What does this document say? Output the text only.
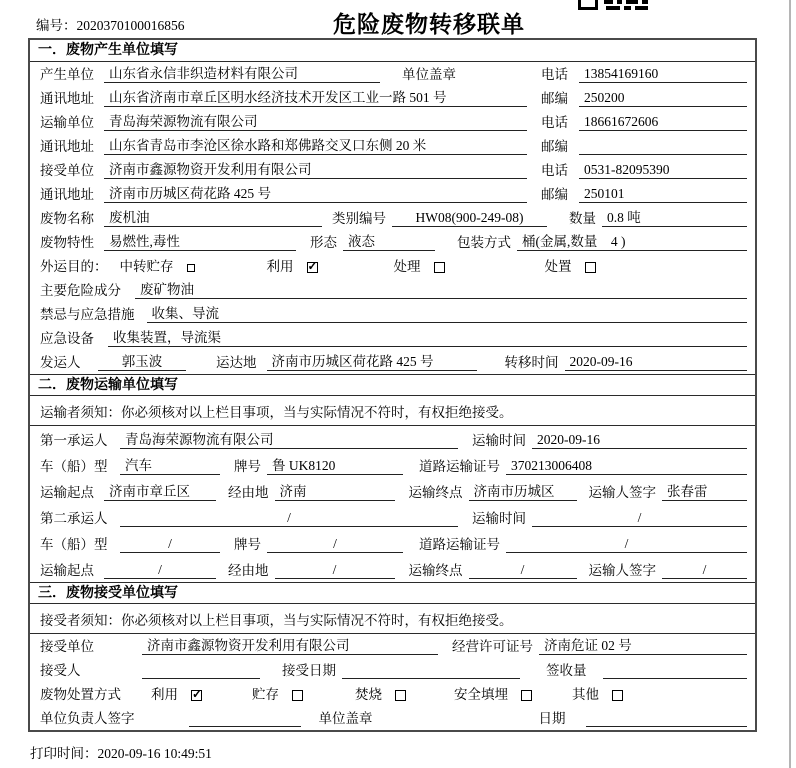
编号：2020370100016856	危险废物转移联单
一．废物产生单位填写
产生单位	山东省永信非织造材料有限公司	单位盖章	电话	13854169160
通讯地址	山东省济南市章丘区明水经济技术开发区工业一路 501 号	邮编	250200
运输单位	青岛海荣源物流有限公司	电话	18661672606
通讯地址	山东省青岛市李沧区徐水路和郑佛路交叉口东侧 20 米	邮编
接受单位	济南市鑫源物资开发利用有限公司	电话	0531-82095390
通讯地址	济南市历城区荷花路 425 号	邮编	250101
废物名称	废机油	类别编号	HW08(900-249-08)	数量 0.8 吨
废物特性	易燃性,毒性	形态 液态	包装方式 桶(金属,数量　4 )
外运目的： 中转贮存	利用 ✓	处理	处置
主要危险成分	废矿物油
禁忌与应急措施	收集、导流
应急设备	收集装置，导流渠
发运人	郭玉波	运达地	济南市历城区荷花路 425 号	转移时间 2020-09-16
二．废物运输单位填写
运输者须知：你必须核对以上栏目事项，当与实际情况不符时，有权拒绝接受。
第一承运人	青岛海荣源物流有限公司	运输时间 2020-09-16
车（船）型	汽车	牌号 鲁 UK8120	道路运输证号 370213006408
运输起点	济南市章丘区	经由地 济南	运输终点 济南市历城区	运输人签字 张春雷
第二承运人	/	运输时间	/
车（船）型	/	牌号	/	道路运输证号	/
运输起点	/	经由地	/	运输终点	/	运输人签字	/
三．废物接受单位填写
接受者须知：你必须核对以上栏目事项，当与实际情况不符时，有权拒绝接受。
接受单位	济南市鑫源物资开发利用有限公司	经营许可证号 济南危证 02 号
接受人	接受日期	签收量
废物处置方式 利用 ✓	贮存	焚烧	安全填埋	其他
单位负责人签字	单位盖章	日期
打印时间：2020-09-16 10:49:51
